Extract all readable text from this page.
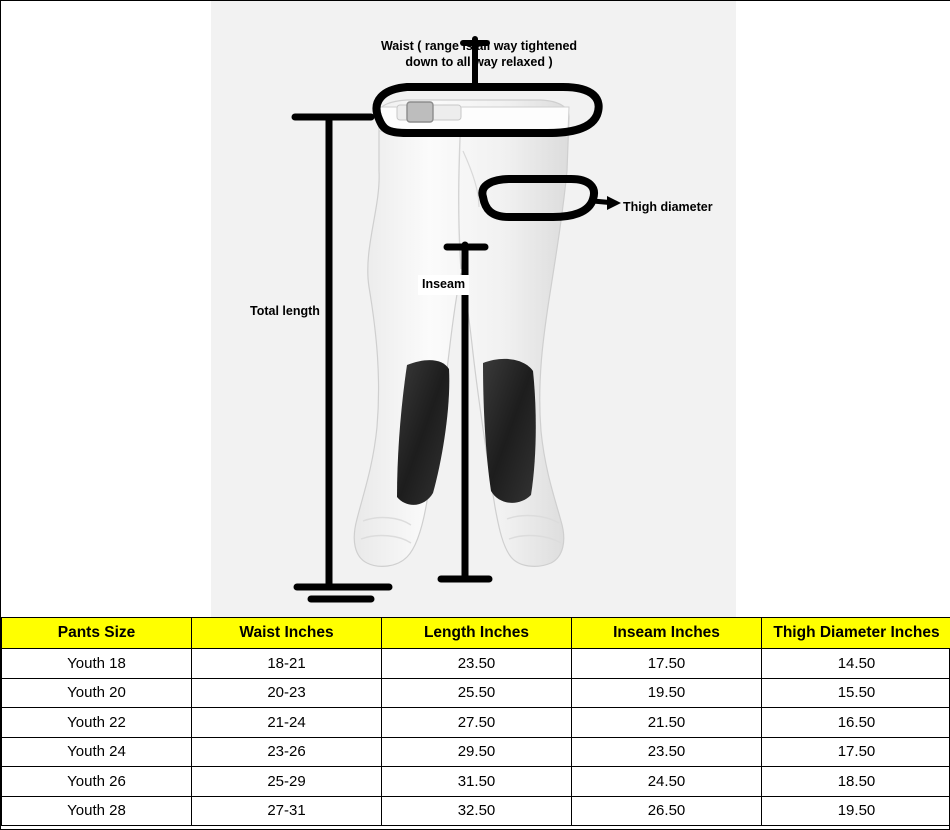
Waist ( range is all way tightened
down to all way relaxed )
Thigh diameter
Inseam
Total length
Pants Size	Waist Inches	Length Inches	Inseam Inches	Thigh Diameter Inches
Youth 18	18-21	23.50	17.50	14.50
Youth 20	20-23	25.50	19.50	15.50
Youth 22	21-24	27.50	21.50	16.50
Youth 24	23-26	29.50	23.50	17.50
Youth 26	25-29	31.50	24.50	18.50
Youth 28	27-31	32.50	26.50	19.50
